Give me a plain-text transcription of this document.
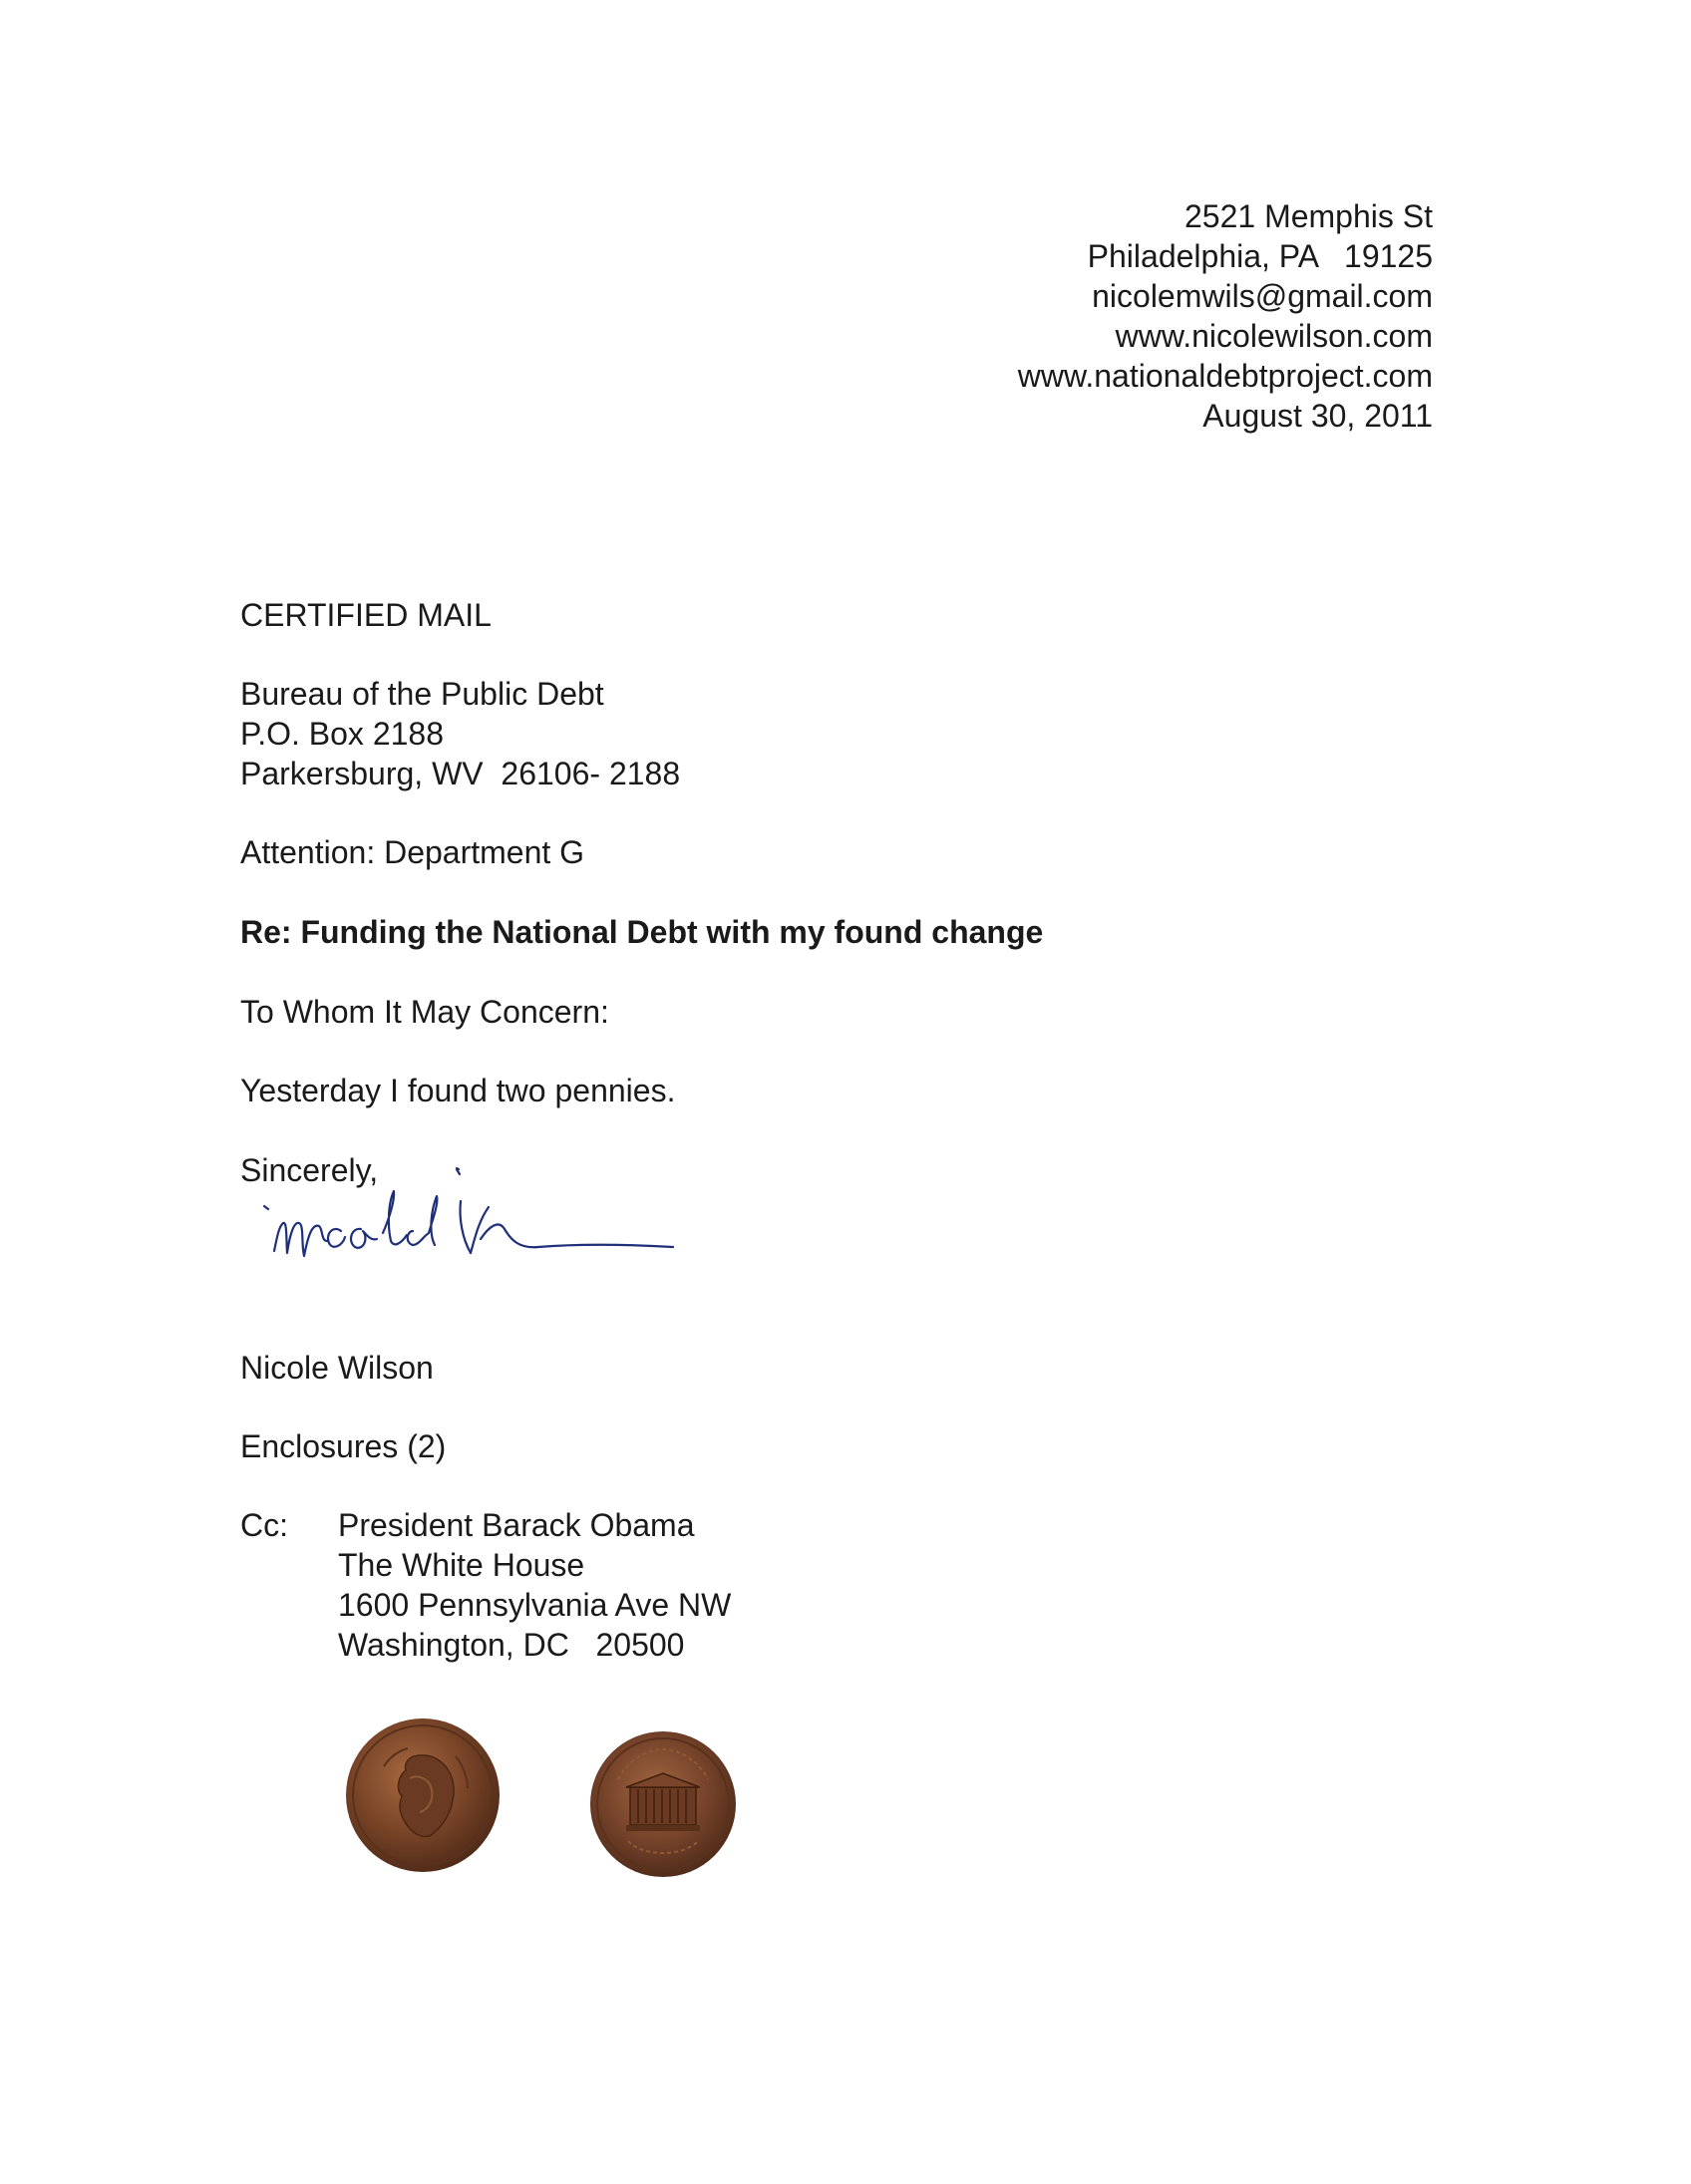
2521 Memphis St
Philadelphia, PA   19125
nicolemwils@gmail.com
www.nicolewilson.com
www.nationaldebtproject.com
August 30, 2011
CERTIFIED MAIL
Bureau of the Public Debt
P.O. Box 2188
Parkersburg, WV  26106- 2188
Attention: Department G
Re: Funding the National Debt with my found change
To Whom It May Concern:
Yesterday I found two pennies.
Sincerely,
Nicole Wilson
Enclosures (2)
Cc: President Barack Obama
The White House
1600 Pennsylvania Ave NW
Washington, DC   20500
